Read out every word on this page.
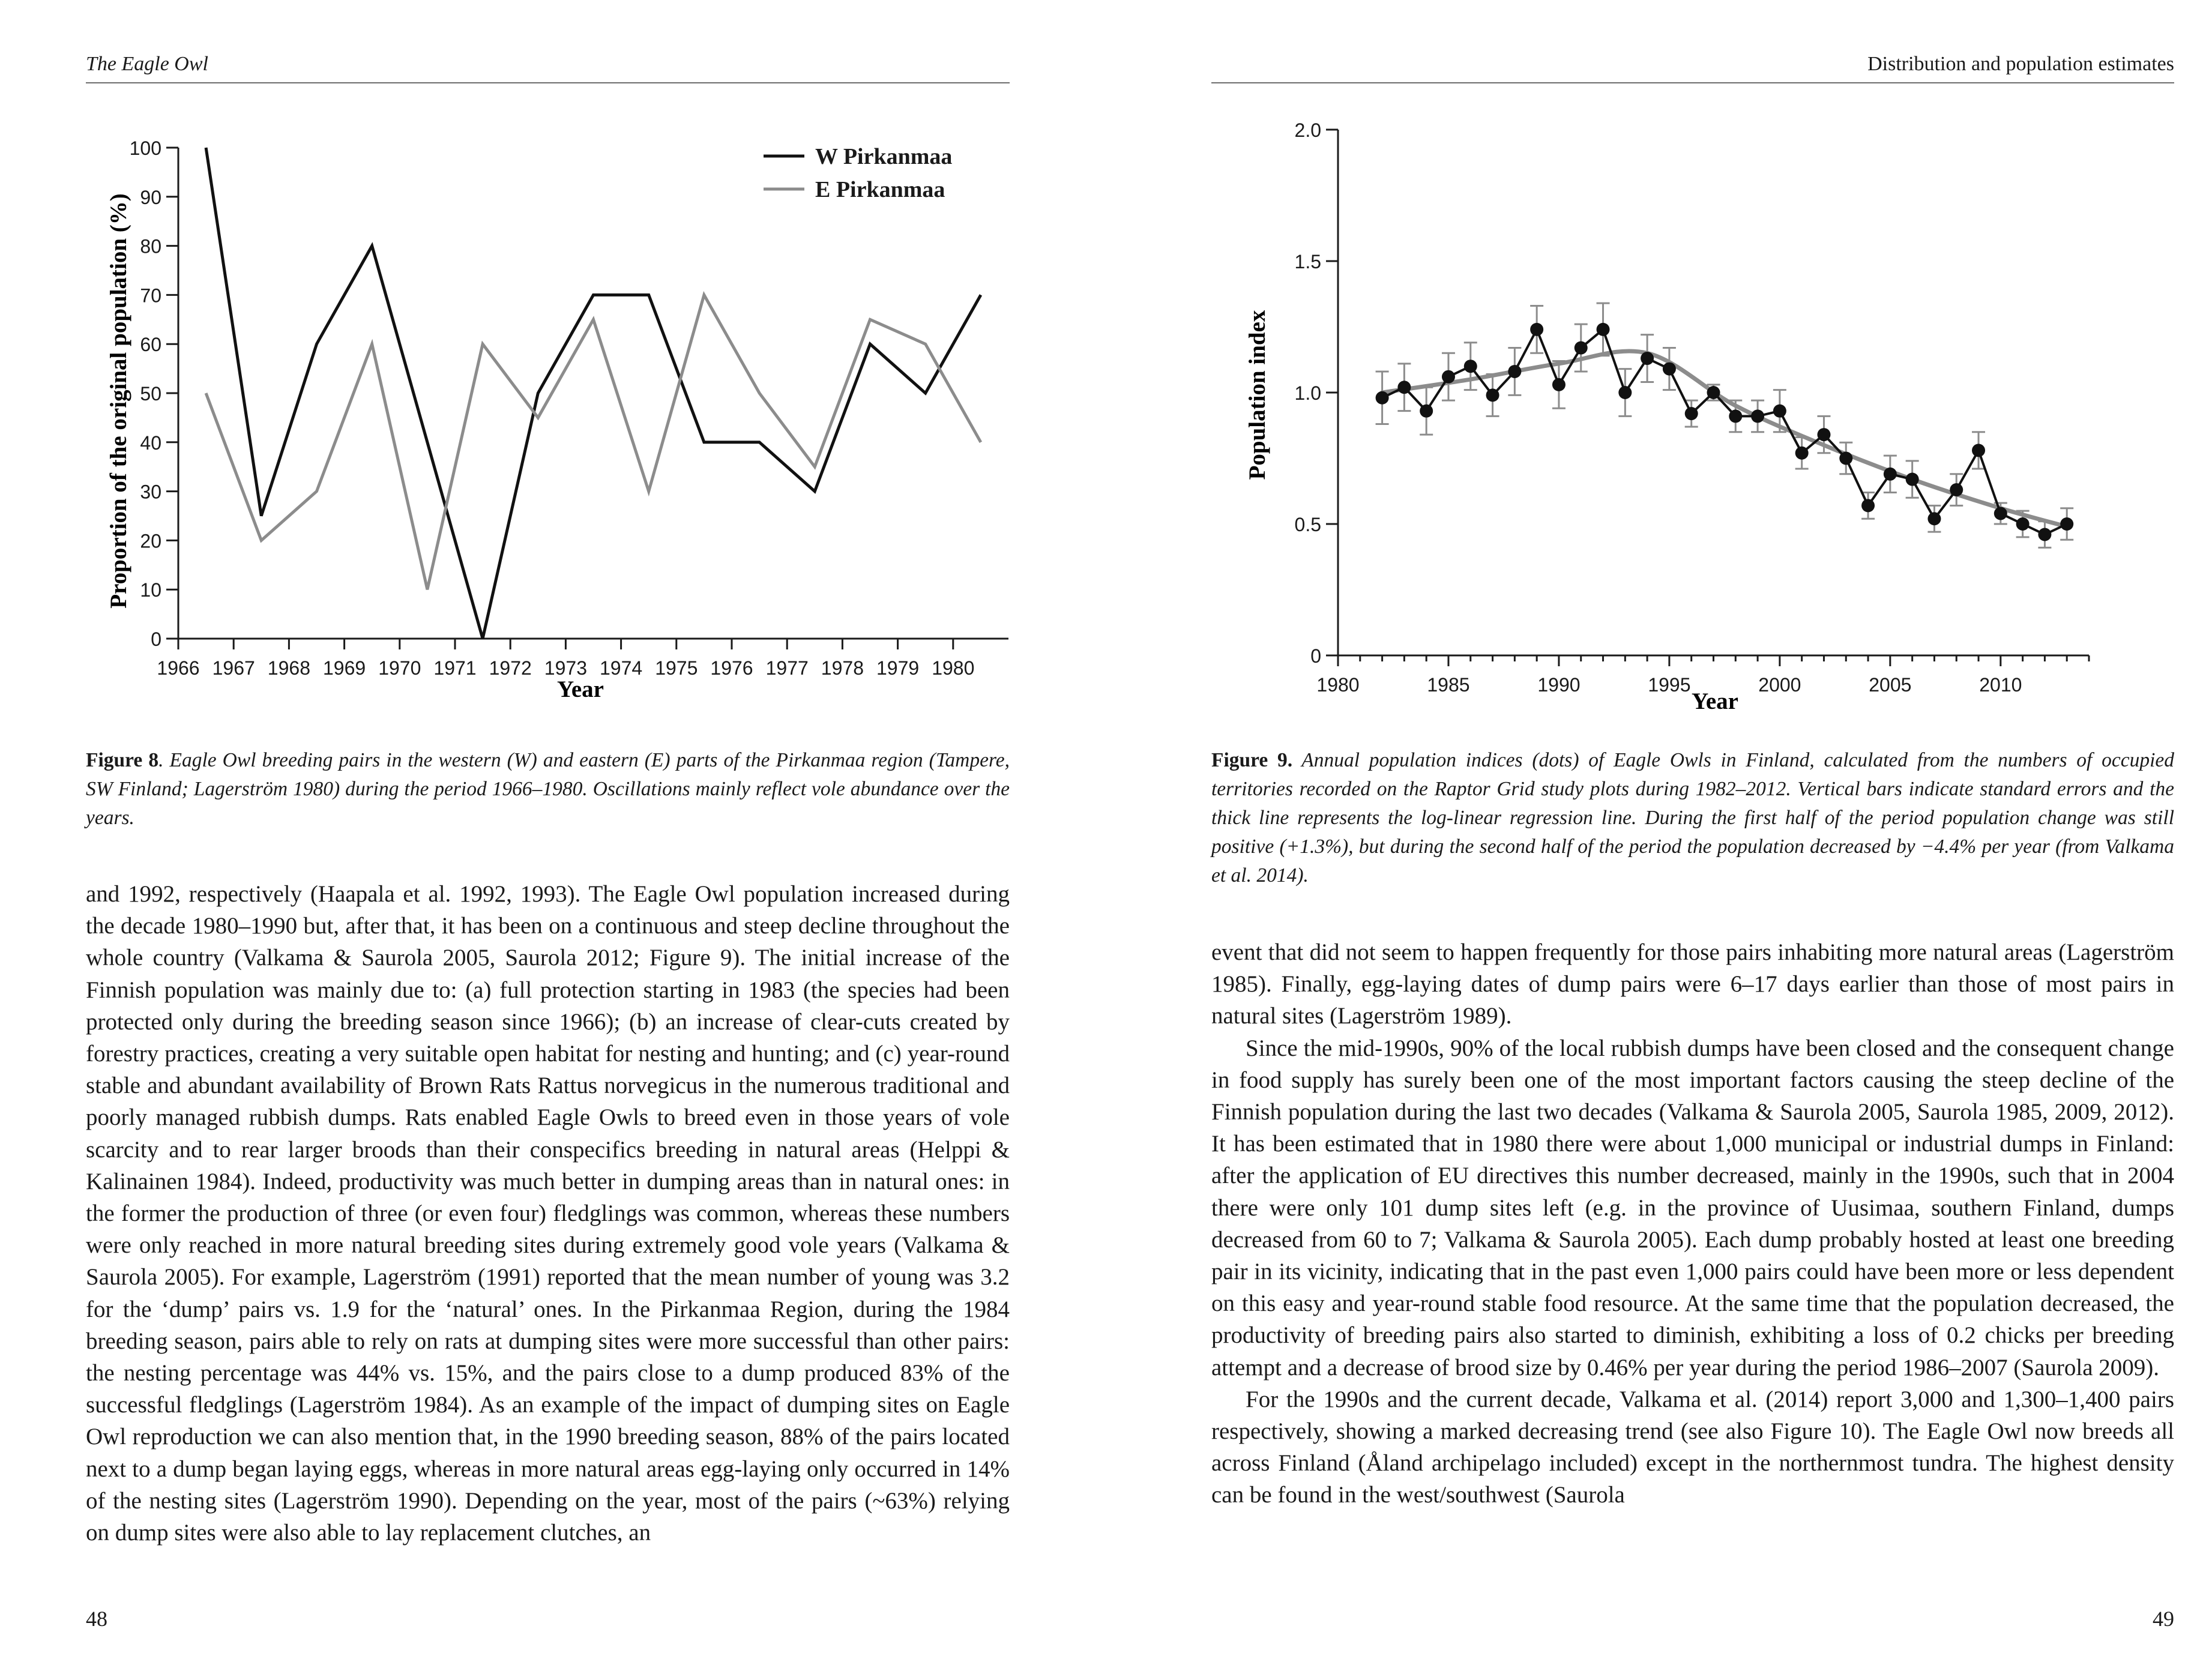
The Eagle Owl
Proportion of the original population (%)
Year
0
10
20
30
40
50
60
70
80
90
100
1966 1967 1968 1969 1970 1971 1972 1973 1974 1975 1976 1977 1978 1979 1980
W Pirkanmaa
E Pirkanmaa

Figure 8. Eagle Owl breeding pairs in the western (W) and eastern (E) parts of the Pirkanmaa region (Tampere, SW Finland; Lagerström 1980) during the period 1966–1980. Oscillations mainly reflect vole abundance over the years.

and 1992, respectively (Haapala et al. 1992, 1993). The Eagle Owl population increased during the decade 1980–1990 but, after that, it has been on a continuous and steep decline throughout the whole country (Valkama & Saurola 2005, Saurola 2012; Figure 9). The initial increase of the Finnish population was mainly due to: (a) full protection starting in 1983 (the species had been protected only during the breeding season since 1966); (b) an increase of clear-cuts created by forestry practices, creating a very suitable open habitat for nesting and hunting; and (c) year-round stable and abundant availability of Brown Rats Rattus norvegicus in the numerous traditional and poorly managed rubbish dumps. Rats enabled Eagle Owls to breed even in those years of vole scarcity and to rear larger broods than their conspecifics breeding in natural areas (Helppi & Kalinainen 1984). Indeed, productivity was much better in dumping areas than in natural ones: in the former the production of three (or even four) fledglings was common, whereas these numbers were only reached in more natural breeding sites during extremely good vole years (Valkama & Saurola 2005). For example, Lagerström (1991) reported that the mean number of young was 3.2 for the ‘dump’ pairs vs. 1.9 for the ‘natural’ ones. In the Pirkanmaa Region, during the 1984 breeding season, pairs able to rely on rats at dumping sites were more successful than other pairs: the nesting percentage was 44% vs. 15%, and the pairs close to a dump produced 83% of the successful fledglings (Lagerström 1984). As an example of the impact of dumping sites on Eagle Owl reproduction we can also mention that, in the 1990 breeding season, 88% of the pairs located next to a dump began laying eggs, whereas in more natural areas egg-laying only occurred in 14% of the nesting sites (Lagerström 1990). Depending on the year, most of the pairs (~63%) relying on dump sites were also able to lay replacement clutches, an

48
Distribution and population estimates
Population index
Year
0
0.5
1.0
1.5
2.0
1980	1985	1990	1995	2000	2005	2010

Figure 9. Annual population indices (dots) of Eagle Owls in Finland, calculated from the numbers of occupied territories recorded on the Raptor Grid study plots during 1982–2012. Vertical bars indicate standard errors and the thick line represents the log-linear regression line. During the first half of the period population change was still positive (+1.3%), but during the second half of the period the population decreased by −4.4% per year (from Valkama et al. 2014).

event that did not seem to happen frequently for those pairs inhabiting more natural areas (Lagerström 1985). Finally, egg-laying dates of dump pairs were 6–17 days earlier than those of most pairs in natural sites (Lagerström 1989).

Since the mid-1990s, 90% of the local rubbish dumps have been closed and the consequent change in food supply has surely been one of the most important factors causing the steep decline of the Finnish population during the last two decades (Valkama & Saurola 2005, Saurola 1985, 2009, 2012). It has been estimated that in 1980 there were about 1,000 municipal or industrial dumps in Finland: after the application of EU directives this number decreased, mainly in the 1990s, such that in 2004 there were only 101 dump sites left (e.g. in the province of Uusimaa, southern Finland, dumps decreased from 60 to 7; Valkama & Saurola 2005). Each dump probably hosted at least one breeding pair in its vicinity, indicating that in the past even 1,000 pairs could have been more or less dependent on this easy and year-round stable food resource. At the same time that the population decreased, the productivity of breeding pairs also started to diminish, exhibiting a loss of 0.2 chicks per breeding attempt and a decrease of brood size by 0.46% per year during the period 1986–2007 (Saurola 2009).

For the 1990s and the current decade, Valkama et al. (2014) report 3,000 and 1,300–1,400 pairs respectively, showing a marked decreasing trend (see also Figure 10). The Eagle Owl now breeds all across Finland (Åland archipelago included) except in the northernmost tundra. The highest density can be found in the west/southwest (Saurola

49
